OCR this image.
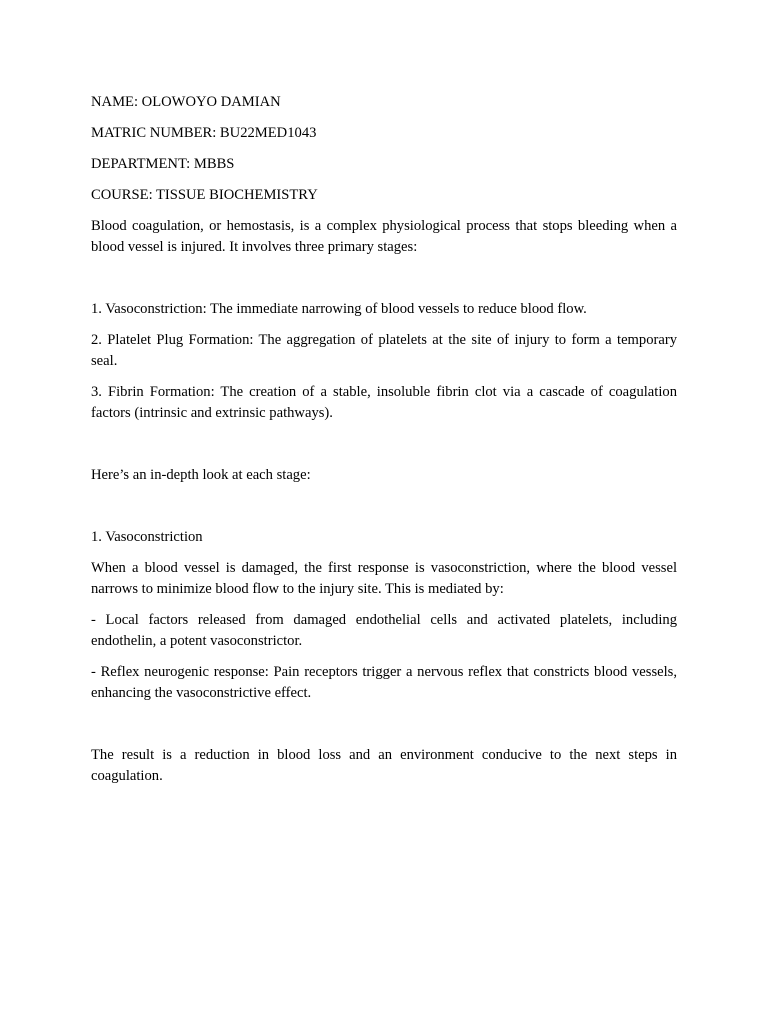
NAME: OLOWOYO DAMIAN

MATRIC NUMBER: BU22MED1043

DEPARTMENT: MBBS

COURSE: TISSUE BIOCHEMISTRY

Blood coagulation, or hemostasis, is a complex physiological process that stops bleeding when a blood vessel is injured. It involves three primary stages:

1. Vasoconstriction: The immediate narrowing of blood vessels to reduce blood flow.

2. Platelet Plug Formation: The aggregation of platelets at the site of injury to form a temporary seal.

3. Fibrin Formation: The creation of a stable, insoluble fibrin clot via a cascade of coagulation factors (intrinsic and extrinsic pathways).

Here’s an in-depth look at each stage:

1. Vasoconstriction

When a blood vessel is damaged, the first response is vasoconstriction, where the blood vessel narrows to minimize blood flow to the injury site. This is mediated by:

- Local factors released from damaged endothelial cells and activated platelets, including endothelin, a potent vasoconstrictor.

- Reflex neurogenic response: Pain receptors trigger a nervous reflex that constricts blood vessels, enhancing the vasoconstrictive effect.

The result is a reduction in blood loss and an environment conducive to the next steps in coagulation.
